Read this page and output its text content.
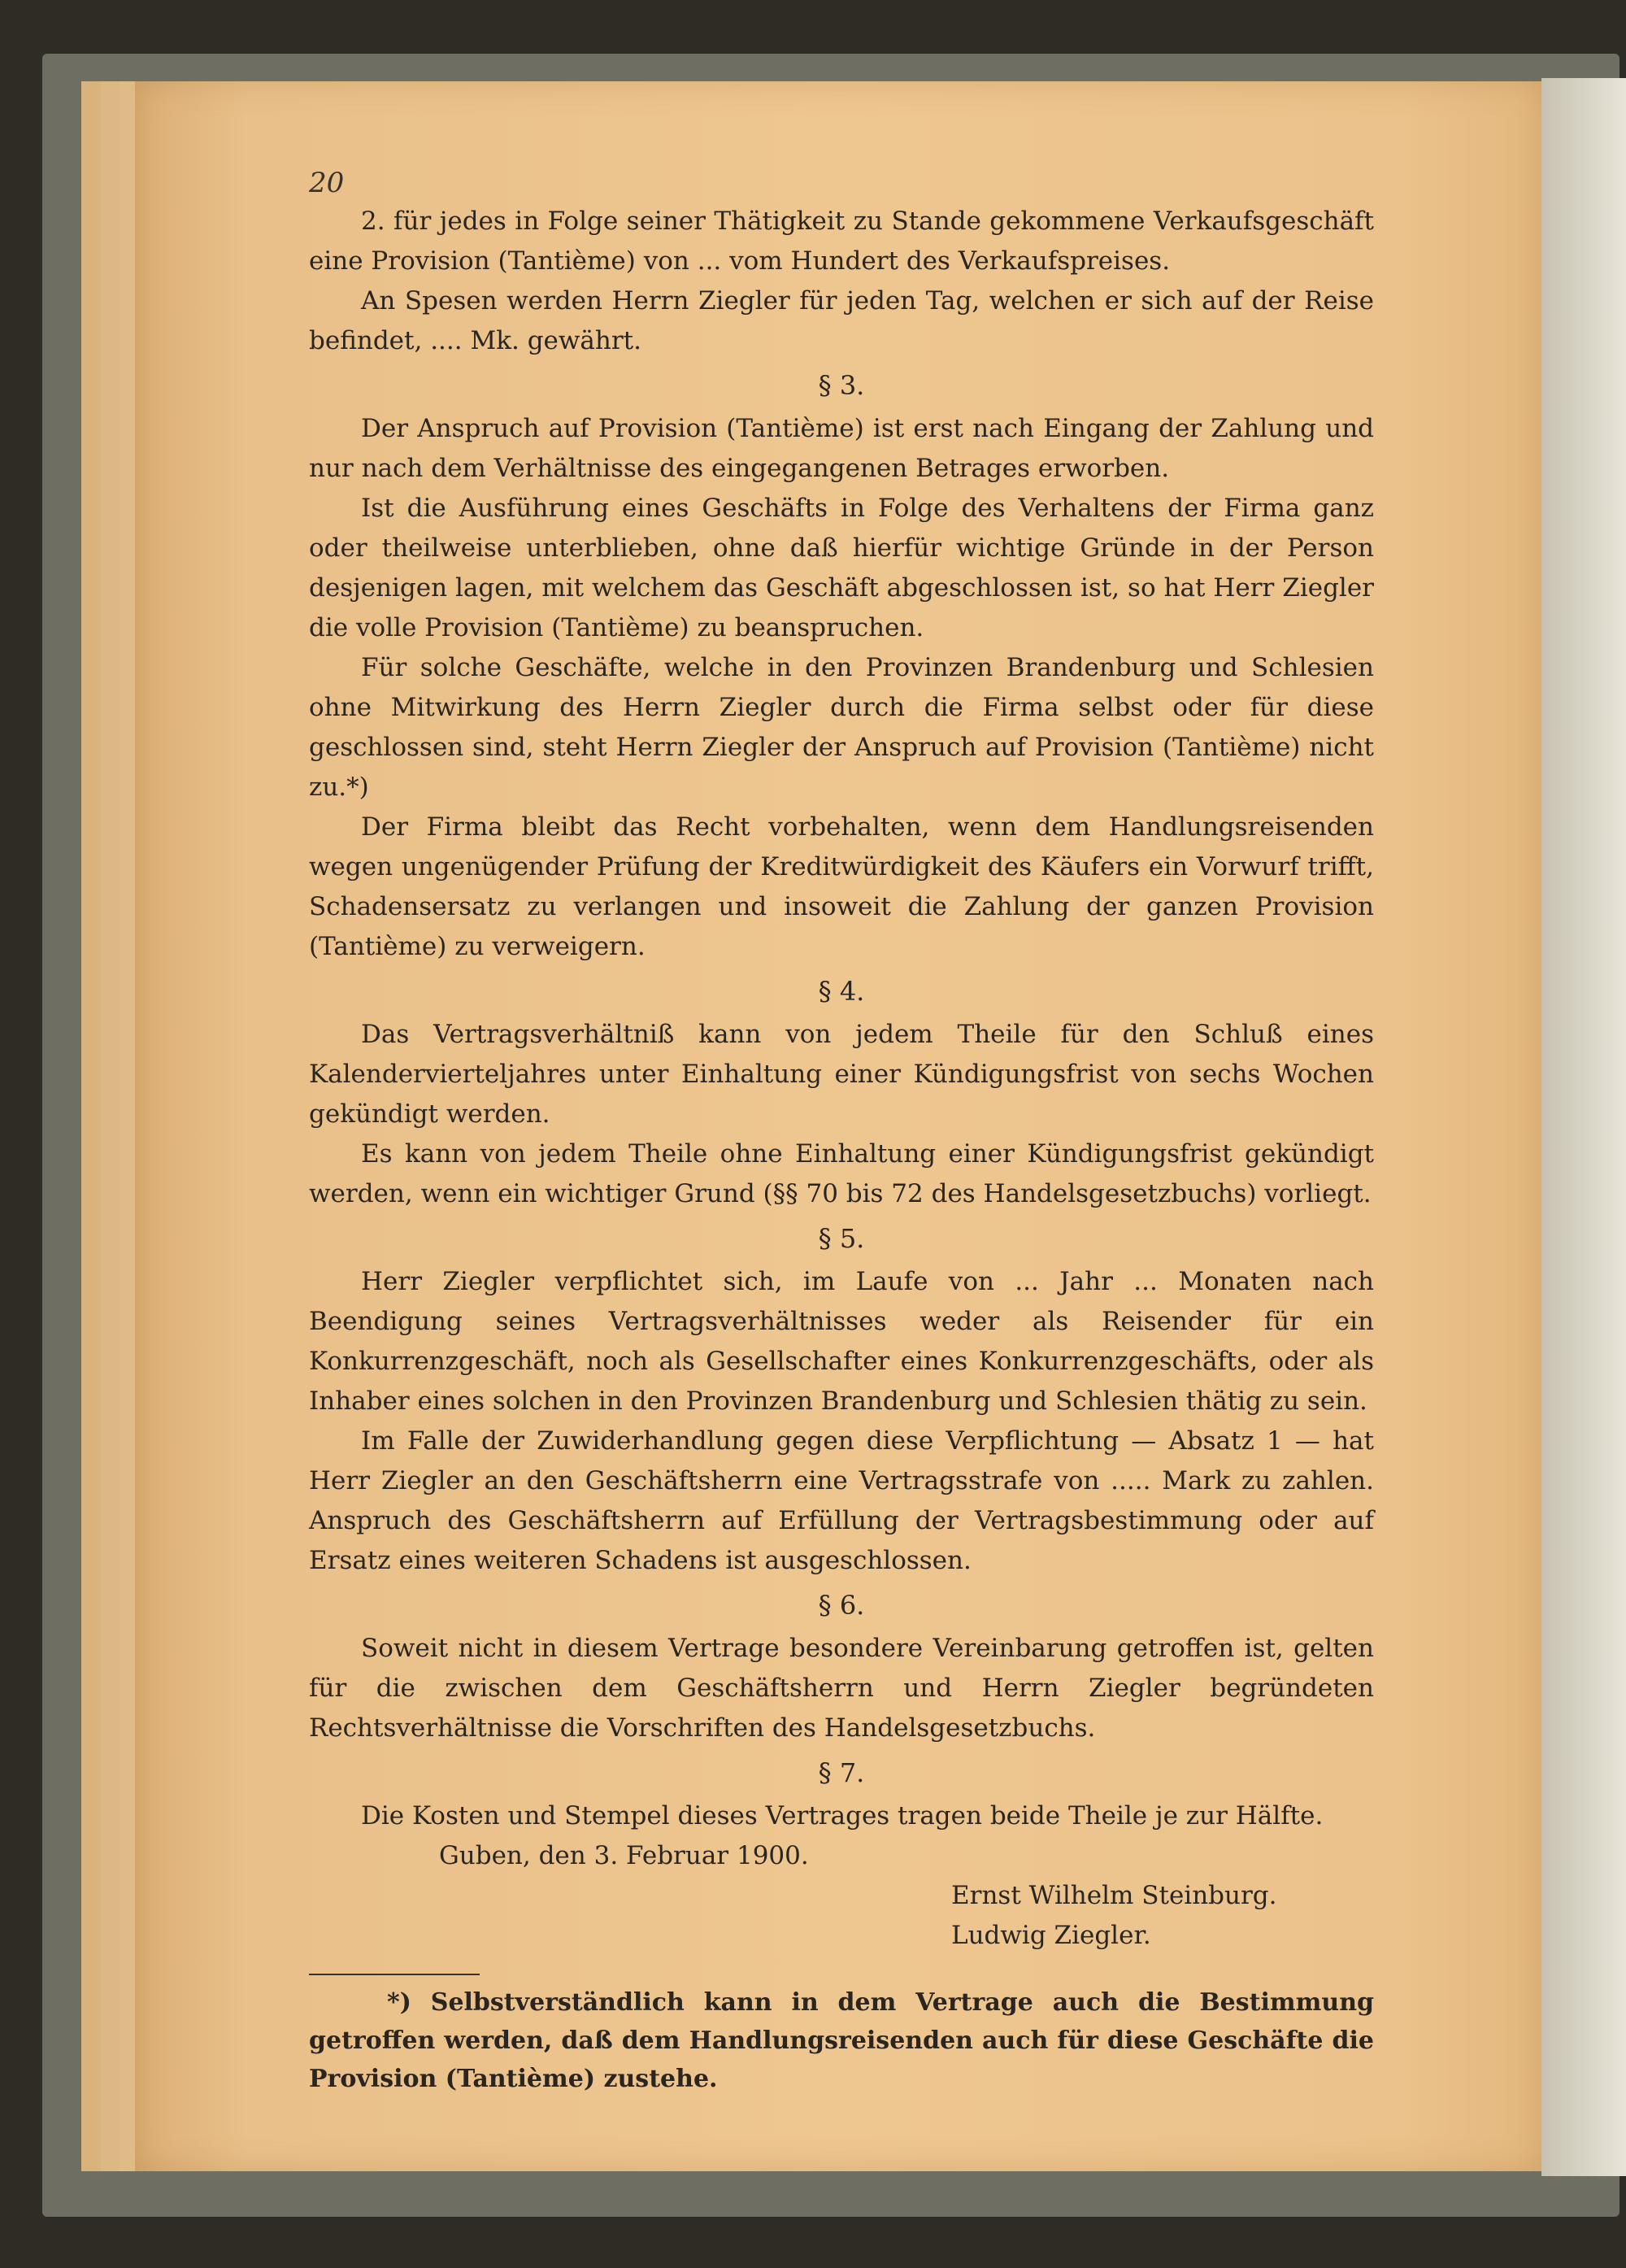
20

2. für jedes in Folge seiner Thätigkeit zu Stande gekommene Verkaufsgeschäft eine Provision (Tantième) von ... vom Hundert des Verkaufspreises.

An Spesen werden Herrn Ziegler für jeden Tag, welchen er sich auf der Reise befindet, .... Mk. gewährt.

§ 3.

Der Anspruch auf Provision (Tantième) ist erst nach Eingang der Zahlung und nur nach dem Verhältnisse des eingegangenen Betrages erworben.

Ist die Ausführung eines Geschäfts in Folge des Verhaltens der Firma ganz oder theilweise unterblieben, ohne daß hierfür wichtige Gründe in der Person desjenigen lagen, mit welchem das Geschäft abgeschlossen ist, so hat Herr Ziegler die volle Provision (Tantième) zu beanspruchen.

Für solche Geschäfte, welche in den Provinzen Brandenburg und Schlesien ohne Mitwirkung des Herrn Ziegler durch die Firma selbst oder für diese geschlossen sind, steht Herrn Ziegler der Anspruch auf Provision (Tantième) nicht zu.*)

Der Firma bleibt das Recht vorbehalten, wenn dem Handlungsreisenden wegen ungenügender Prüfung der Kreditwürdigkeit des Käufers ein Vorwurf trifft, Schadensersatz zu verlangen und insoweit die Zahlung der ganzen Provision (Tantième) zu verweigern.

§ 4.

Das Vertragsverhältniß kann von jedem Theile für den Schluß eines Kalendervierteljahres unter Einhaltung einer Kündigungsfrist von sechs Wochen gekündigt werden.

Es kann von jedem Theile ohne Einhaltung einer Kündigungsfrist gekündigt werden, wenn ein wichtiger Grund (§§ 70 bis 72 des Handelsgesetzbuchs) vorliegt.

§ 5.

Herr Ziegler verpflichtet sich, im Laufe von ... Jahr ... Monaten nach Beendigung seines Vertragsverhältnisses weder als Reisender für ein Konkurrenzgeschäft, noch als Gesellschafter eines Konkurrenzgeschäfts, oder als Inhaber eines solchen in den Provinzen Brandenburg und Schlesien thätig zu sein.

Im Falle der Zuwiderhandlung gegen diese Verpflichtung — Absatz 1 — hat Herr Ziegler an den Geschäftsherrn eine Vertragsstrafe von ..... Mark zu zahlen. Anspruch des Geschäftsherrn auf Erfüllung der Vertragsbestimmung oder auf Ersatz eines weiteren Schadens ist ausgeschlossen.

§ 6.

Soweit nicht in diesem Vertrage besondere Vereinbarung getroffen ist, gelten für die zwischen dem Geschäftsherrn und Herrn Ziegler begründeten Rechtsverhältnisse die Vorschriften des Handelsgesetzbuchs.

§ 7.

Die Kosten und Stempel dieses Vertrages tragen beide Theile je zur Hälfte.

Guben, den 3. Februar 1900.

Ernst Wilhelm Steinburg.

Ludwig Ziegler.

*) Selbstverständlich kann in dem Vertrage auch die Bestimmung getroffen werden, daß dem Handlungsreisenden auch für diese Geschäfte die Provision (Tantième) zustehe.
